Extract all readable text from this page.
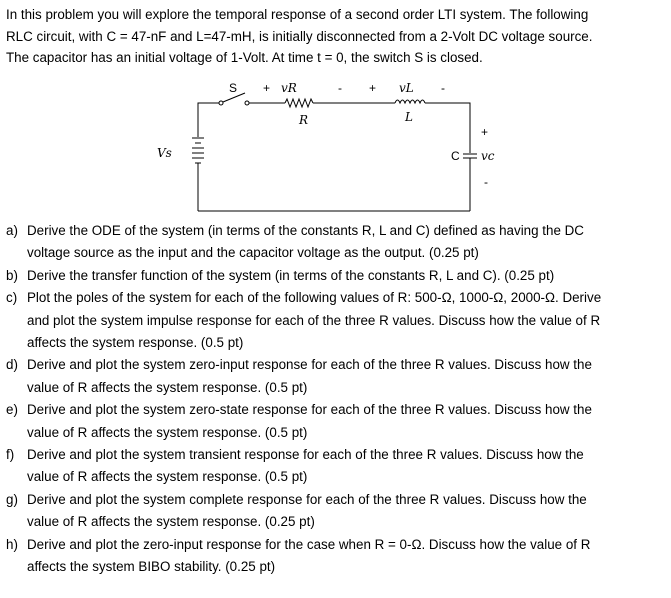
In this problem you will explore the temporal response of a second order LTI system. The following
RLC circuit, with C = 47-nF and L=47-mH, is initially disconnected from a 2-Volt DC voltage source.
The capacitor has an initial voltage of 1-Volt. At time t = 0, the switch S is closed.
S + vR	- + vL -
R	L
Vs
+
C vc
-
a) Derive the ODE of the system (in terms of the constants R, L and C) defined as having the DC
voltage source as the input and the capacitor voltage as the output. (0.25 pt)
b) Derive the transfer function of the system (in terms of the constants R, L and C). (0.25 pt)
c) Plot the poles of the system for each of the following values of R: 500-Ω, 1000-Ω, 2000-Ω. Derive
and plot the system impulse response for each of the three R values. Discuss how the value of R
affects the system response. (0.5 pt)
d) Derive and plot the system zero-input response for each of the three R values. Discuss how the
value of R affects the system response. (0.5 pt)
e) Derive and plot the system zero-state response for each of the three R values. Discuss how the
value of R affects the system response. (0.5 pt)
f) Derive and plot the system transient response for each of the three R values. Discuss how the
value of R affects the system response. (0.5 pt)
g) Derive and plot the system complete response for each of the three R values. Discuss how the
value of R affects the system response. (0.25 pt)
h) Derive and plot the zero-input response for the case when R = 0-Ω. Discuss how the value of R
affects the system BIBO stability. (0.25 pt)
